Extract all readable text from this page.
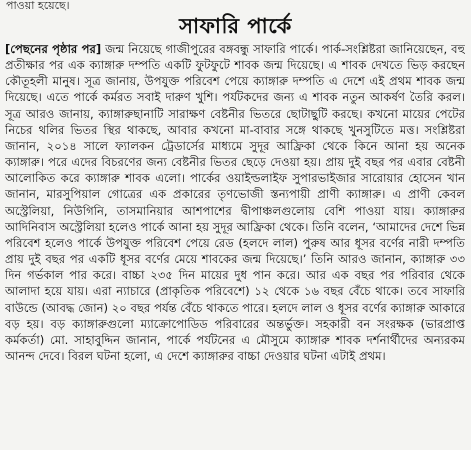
পাওয়া হয়েছে।
সাফারি পার্কে
[পেছনের পৃষ্ঠার পর] জন্ম নিয়েছে গাজীপুরের বঙ্গবন্ধু সাফারি পার্কে। পার্ক-সংশ্লিষ্টরা জানিয়েছেন, বহু প্রতীক্ষার পর এক ক্যাঙ্গারু দম্পতি একটি ফুটফুটে শাবক জন্ম দিয়েছে। এ শাবক দেখতে ভিড় করছেন কৌতূহলী মানুষ। সূত্র জানায়, উপযুক্ত পরিবেশ পেয়ে ক্যাঙ্গারু দম্পতি এ দেশে এই প্রথম শাবক জন্ম দিয়েছে। এতে পার্কে কর্মরত সবাই দারুণ খুশি। পর্যটকদের জন্য এ শাবক নতুন আকর্ষণ তৈরি করল। সূত্র আরও জানায়, ক্যাঙ্গারুছানাটি সারাক্ষণ বেষ্টনীর ভিতরে ছোটাছুটি করছে। কখনো মায়ের পেটের নিচের থলির ভিতর স্থির থাকছে, আবার কখনো মা-বাবার সঙ্গে থাকছে খুনসুটিতে মত্ত। সংশ্লিষ্টরা জানান, ২০১৪ সালে ফ্যালকন ট্রেডার্সের মাধ্যমে সুদূর আফ্রিকা থেকে কিনে আনা হয় অনেক ক্যাঙ্গারু। পরে এদের বিচরণের জন্য বেষ্টনীর ভিতর ছেড়ে দেওয়া হয়। প্রায় দুই বছর পর এবার বেষ্টনী আলোকিত করে ক্যাঙ্গারু শাবক এলো। পার্কের ওয়াইল্ডলাইফ সুপারভাইজার সারোয়ার হোসেন খান জানান, মারসুপিয়াল গোত্রের এক প্রকারের তৃণভোজী স্তন্যপায়ী প্রাণী ক্যাঙ্গারু। এ প্রাণী কেবল অস্ট্রেলিয়া, নিউগিনি, তাসমানিয়ার আশপাশের দ্বীপাঞ্চলগুলোয় বেশি পাওয়া যায়। ক্যাঙ্গারুর আদিনিবাস অস্ট্রেলিয়া হলেও পার্কে আনা হয় সুদূর আফ্রিকা থেকে। তিনি বলেন, ‘আমাদের দেশে ভিন্ন পরিবেশ হলেও পার্কে উপযুক্ত পরিবেশ পেয়ে রেড (হলদে লাল) পুরুষ আর ধূসর বর্ণের নারী দম্পতি প্রায় দুই বছর পর একটি ধূসর বর্ণের মেয়ে শাবকের জন্ম দিয়েছে।’ তিনি আরও জানান, ক্যাঙ্গারু ৩৩ দিন গর্ভকাল পার করে। বাচ্চা ২৩৫ দিন মায়ের দুধ পান করে। আর এক বছর পর পরিবার থেকে আলাদা হয়ে যায়। এরা ন্যাচারে (প্রাকৃতিক পরিবেশে) ১২ থেকে ১৬ বছর বেঁচে থাকে। তবে সাফারি বাউন্ডে (আবদ্ধ জোন) ২০ বছর পর্যন্ত বেঁচে থাকতে পারে। হলদে লাল ও ধূসর বর্ণের ক্যাঙ্গারু আকারে বড় হয়। বড় ক্যাঙ্গারুগুলো ম্যাক্রোপোডিড পরিবারের অন্তর্ভুক্ত। সহকারী বন সংরক্ষক (ভারপ্রাপ্ত কর্মকর্তা) মো. সাহাবুদ্দিন জানান, পার্কে পর্যটনের এ মৌসুমে ক্যাঙ্গারু শাবক দর্শনার্থীদের অন্যরকম আনন্দ দেবে। বিরল ঘটনা হলো, এ দেশে ক্যাঙ্গারুর বাচ্চা দেওয়ার ঘটনা এটাই প্রথম।
